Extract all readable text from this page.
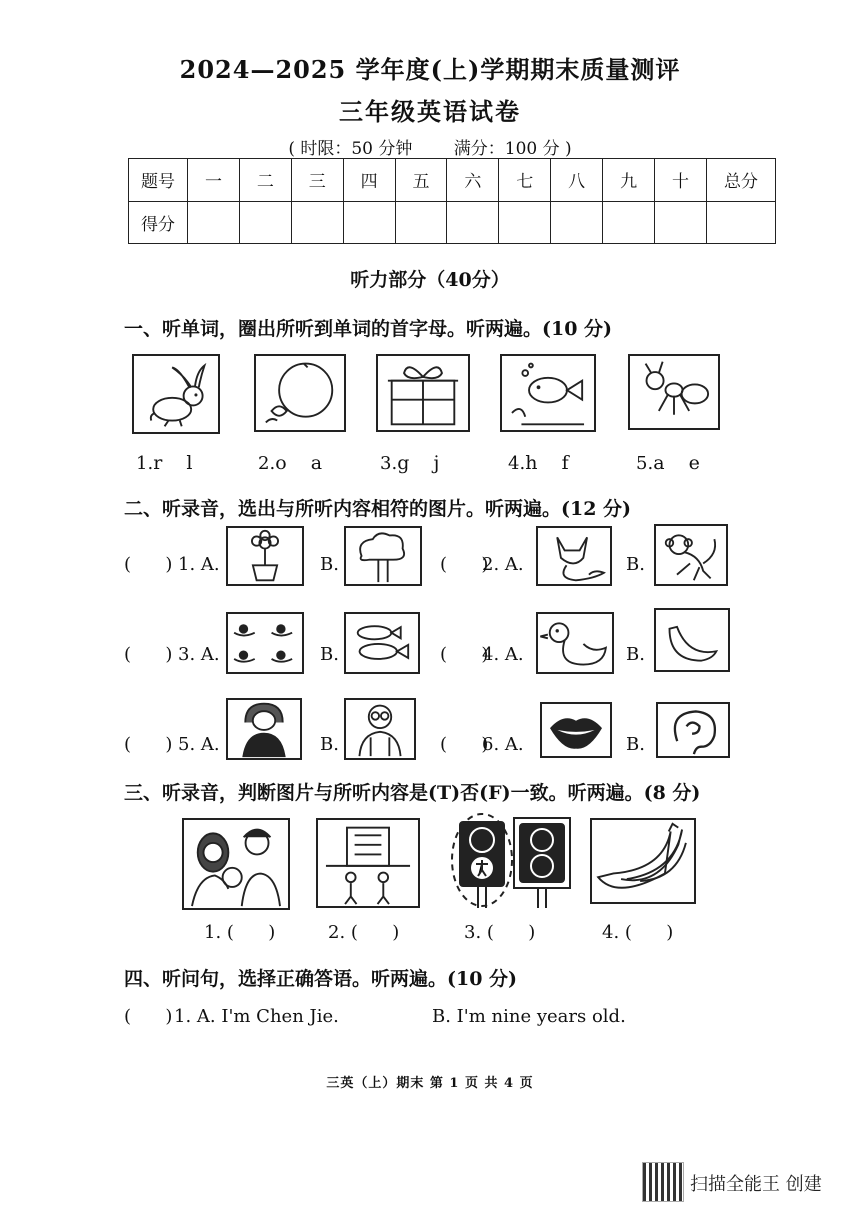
2024—2025 学年度(上)学期期末质量测评
三年级英语试卷
( 时限：50 分钟 满分：100 分 )
题号	一	二	三	四	五	六	七	八	九	十	总分
得分											
听力部分（40分）
一、听单词，圈出所听到单词的首字母。听两遍。(10 分)
1.r    l	2.o    a	3.g    j	4.h    f	5.a    e
二、听录音，选出与所听内容相符的图片。听两遍。(12 分)
(      ) 1. A.	B.	(      )
2. A.	B.
(      ) 3. A.	B.	(      )
4. A.	B.
(      ) 5. A.	B.	(      )
6. A.	B.
三、听录音，判断图片与所听内容是(T)否(F)一致。听两遍。(8 分)
1. (      )	2. (      )	3. (      )	4. (      )
四、听问句，选择正确答语。听两遍。(10 分)
(      ) 1. A. I'm Chen Jie.	B. I'm nine years old.
三英（上）期末 第 1 页 共 4 页
扫描全能王 创建
